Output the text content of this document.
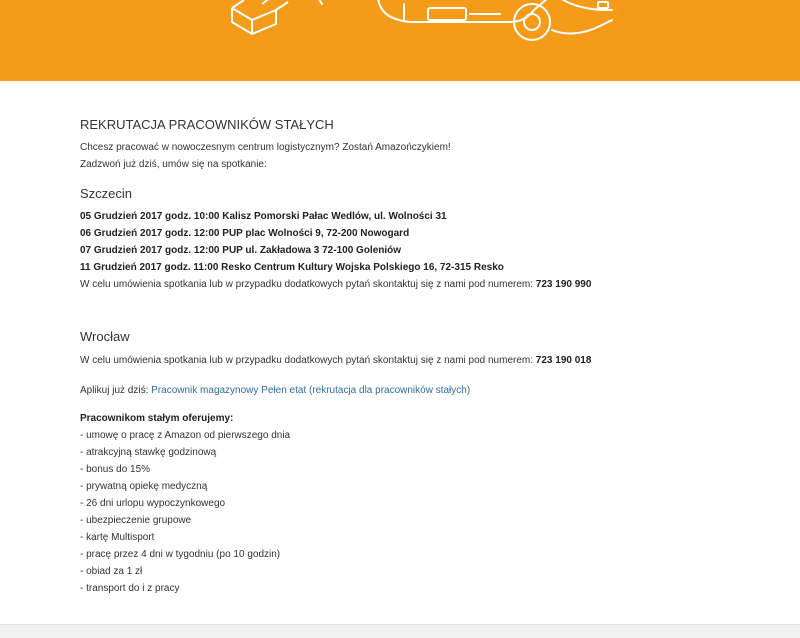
REKRUTACJA PRACOWNIKÓW STAŁYCH

Chcesz pracować w nowoczesnym centrum logistycznym? Zostań Amazończykiem!

Zadzwoń już dziś, umów się na spotkanie:

Szczecin

05 Grudzień 2017 godz. 10:00 Kalisz Pomorski Pałac Wedlów, ul. Wolności 31

06 Grudzień 2017 godz. 12:00 PUP plac Wolności 9, 72-200 Nowogard

07 Grudzień 2017 godz. 12:00 PUP ul. Zakładowa 3 72-100 Goleniów

11 Grudzień 2017 godz. 11:00 Resko Centrum Kultury Wojska Polskiego 16, 72-315 Resko

W celu umówienia spotkania lub w przypadku dodatkowych pytań skontaktuj się z nami pod numerem: 723 190 990

Wrocław

W celu umówienia spotkania lub w przypadku dodatkowych pytań skontaktuj się z nami pod numerem: 723 190 018

Aplikuj już dziś: Pracownik magazynowy Pełen etat (rekrutacja dla pracowników stałych)

Pracownikom stałym oferujemy:

- umowę o pracę z Amazon od pierwszego dnia
- atrakcyjną stawkę godzinową
- bonus do 15%
- prywatną opiekę medyczną
- 26 dni urlopu wypoczynkowego
- ubezpieczenie grupowe
- kartę Multisport
- pracę przez 4 dni w tygodniu (po 10 godzin)
- obiad za 1 zł
- transport do i z pracy
